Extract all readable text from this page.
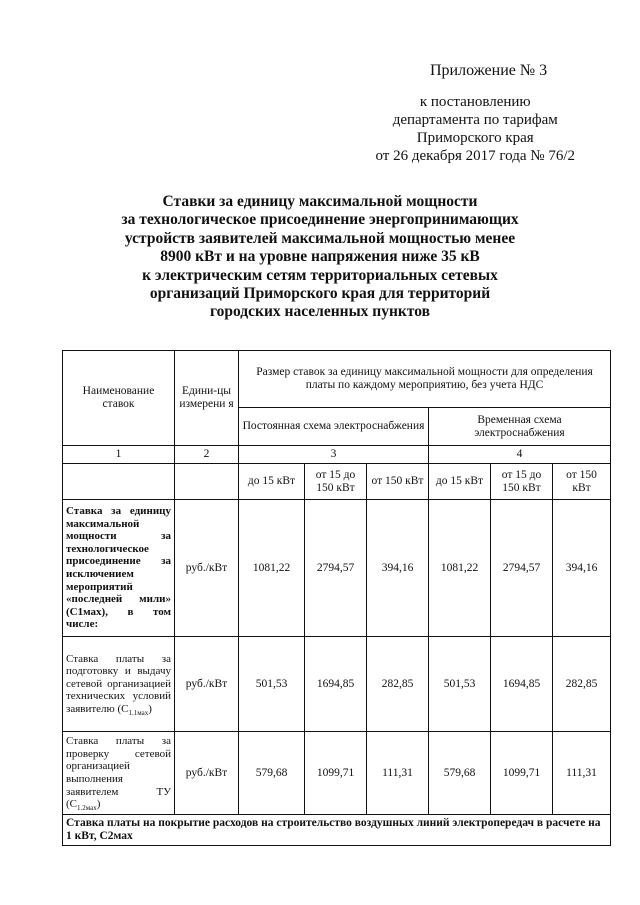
Приложение № 3
к постановлению
департамента по тарифам
Приморского края
от 26 декабря 2017 года № 76/2
Ставки за единицу максимальной мощности
за технологическое присоединение энергопринимающих
устройств заявителей максимальной мощностью менее
8900 кВт и на уровне напряжения ниже 35 кВ
к электрическим сетям территориальных сетевых
организаций Приморского края для территорий
городских населенных пунктов
Наименование ставок	Едини-цы измерени я	Размер ставок за единицу максимальной мощности для определения платы по каждому мероприятию, без учета НДС					
		Постоянная схема электроснабжения			Временная схема электроснабжения		
1	2	3			4		
		до 15 кВт	от 15 до 150 кВт	от 150 кВт	до 15 кВт	от 15 до 150 кВт	от 150 кВт
Ставка за единицу максимальной мощности за технологическое присоединение за исключением мероприятий «последней мили» (С1мах), в том числе:	руб./кВт	1081,22	2794,57	394,16	1081,22	2794,57	394,16
Ставка платы за подготовку и выдачу сетевой организацией технических условий заявителю $(С_{1.1мах})$	руб./кВт	501,53	1694,85	282,85	501,53	1694,85	282,85
Ставка платы за проверку сетевой организацией выполнения заявителем ТУ $(С_{1.2мах})$	руб./кВт	579,68	1099,71	111,31	579,68	1099,71	111,31
Ставка платы на покрытие расходов на строительство воздушных линий электропередач в расчете на 1 кВт, С2мах							
